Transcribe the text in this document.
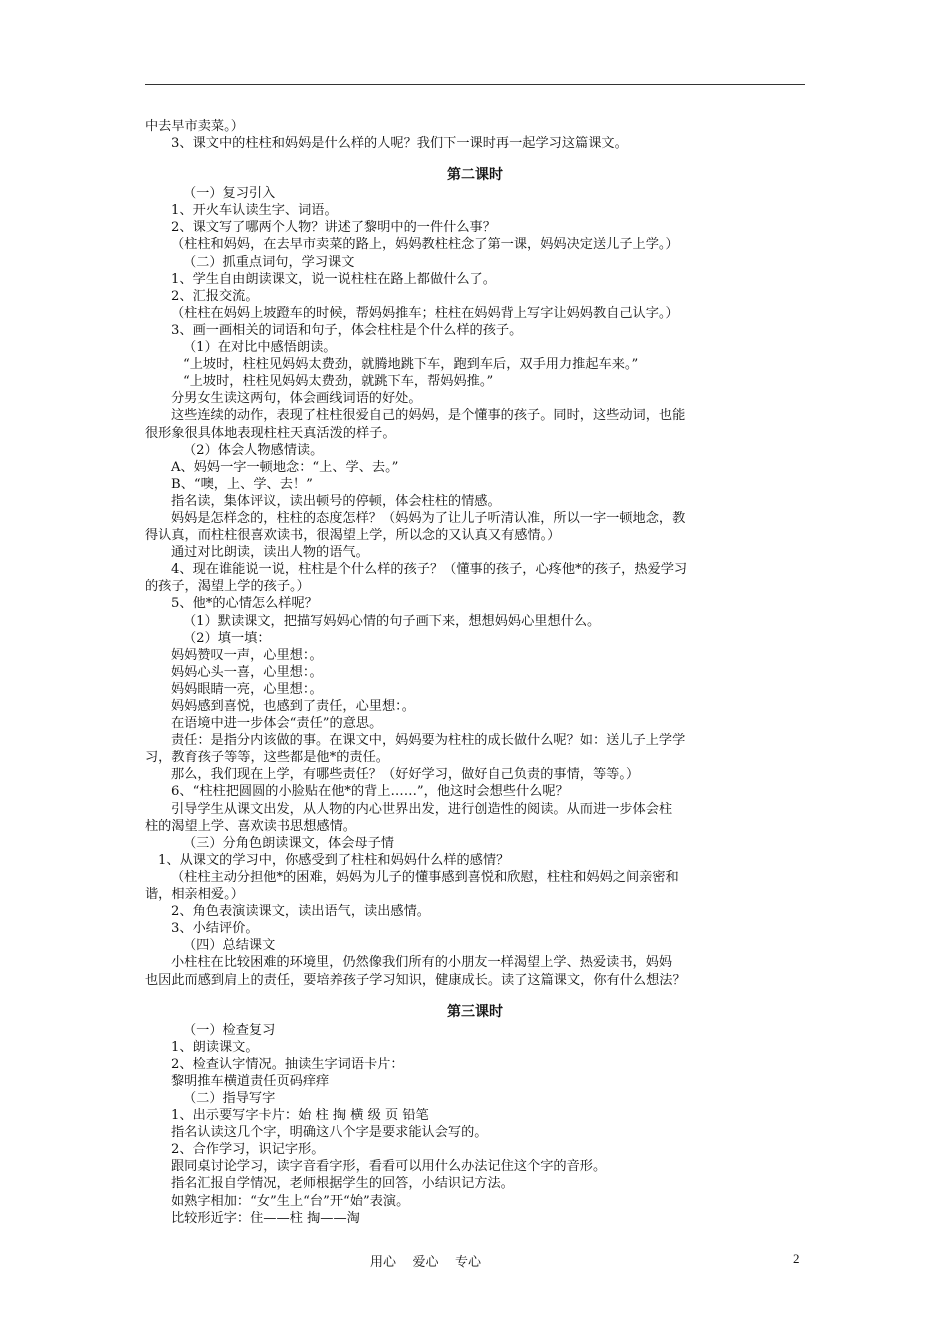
中去早市卖菜。）
3、课文中的柱柱和妈妈是什么样的人呢？我们下一课时再一起学习这篇课文。
第二课时
（一）复习引入
1、开火车认读生字、词语。
2、课文写了哪两个人物？讲述了黎明中的一件什么事？
（柱柱和妈妈，在去早市卖菜的路上，妈妈教柱柱念了第一课，妈妈决定送儿子上学。）
（二）抓重点词句，学习课文
1、学生自由朗读课文，说一说柱柱在路上都做什么了。
2、汇报交流。
（柱柱在妈妈上坡蹬车的时候，帮妈妈推车；柱柱在妈妈背上写字让妈妈教自己认字。）
3、画一画相关的词语和句子，体会柱柱是个什么样的孩子。
（1）在对比中感悟朗读。
“上坡时，柱柱见妈妈太费劲，就腾地跳下车，跑到车后，双手用力推起车来。”
“上坡时，柱柱见妈妈太费劲，就跳下车，帮妈妈推。”
分男女生读这两句，体会画线词语的好处。
这些连续的动作，表现了柱柱很爱自己的妈妈，是个懂事的孩子。同时，这些动词，也能
很形象很具体地表现柱柱天真活泼的样子。
（2）体会人物感情读。
A、妈妈一字一顿地念：“上、学、去。”
B、“噢，上、学、去！”
指名读，集体评议，读出顿号的停顿，体会柱柱的情感。
妈妈是怎样念的，柱柱的态度怎样？（妈妈为了让儿子听清认准，所以一字一顿地念，教
得认真，而柱柱很喜欢读书，很渴望上学，所以念的又认真又有感情。）
通过对比朗读，读出人物的语气。
4、现在谁能说一说，柱柱是个什么样的孩子？（懂事的孩子，心疼他*的孩子，热爱学习
的孩子，渴望上学的孩子。）
5、他*的心情怎么样呢？
（1）默读课文，把描写妈妈心情的句子画下来，想想妈妈心里想什么。
（2）填一填：
妈妈赞叹一声，心里想：。
妈妈心头一喜，心里想：。
妈妈眼睛一亮，心里想：。
妈妈感到喜悦，也感到了责任，心里想：。
在语境中进一步体会“责任”的意思。
责任：是指分内该做的事。在课文中，妈妈要为柱柱的成长做什么呢？如：送儿子上学学
习，教育孩子等等，这些都是他*的责任。
那么，我们现在上学，有哪些责任？（好好学习，做好自己负责的事情，等等。）
6、“柱柱把圆圆的小脸贴在他*的背上……”，他这时会想些什么呢？
引导学生从课文出发，从人物的内心世界出发，进行创造性的阅读。从而进一步体会柱
柱的渴望上学、喜欢读书思想感情。
（三）分角色朗读课文，体会母子情
1、从课文的学习中，你感受到了柱柱和妈妈什么样的感情？
（柱柱主动分担他*的困难，妈妈为儿子的懂事感到喜悦和欣慰，柱柱和妈妈之间亲密和
谐，相亲相爱。）
2、角色表演读课文，读出语气，读出感情。
3、小结评价。
（四）总结课文
小柱柱在比较困难的环境里，仍然像我们所有的小朋友一样渴望上学、热爱读书，妈妈
也因此而感到肩上的责任，要培养孩子学习知识，健康成长。读了这篇课文，你有什么想法？
第三课时
（一）检查复习
1、朗读课文。
2、检查认字情况。抽读生字词语卡片：
黎明推车横道责任页码痒痒
（二）指导写字
1、出示要写字卡片：始 柱 掏 横 级 页 铅笔
指名认读这几个字，明确这八个字是要求能认会写的。
2、合作学习，识记字形。
跟同桌讨论学习，读字音看字形，看看可以用什么办法记住这个字的音形。
指名汇报自学情况，老师根据学生的回答，小结识记方法。
如熟字相加：“女”生上“台”开“始”表演。
比较形近字：住——柱 掏——淘
用心    爱心    专心	2
